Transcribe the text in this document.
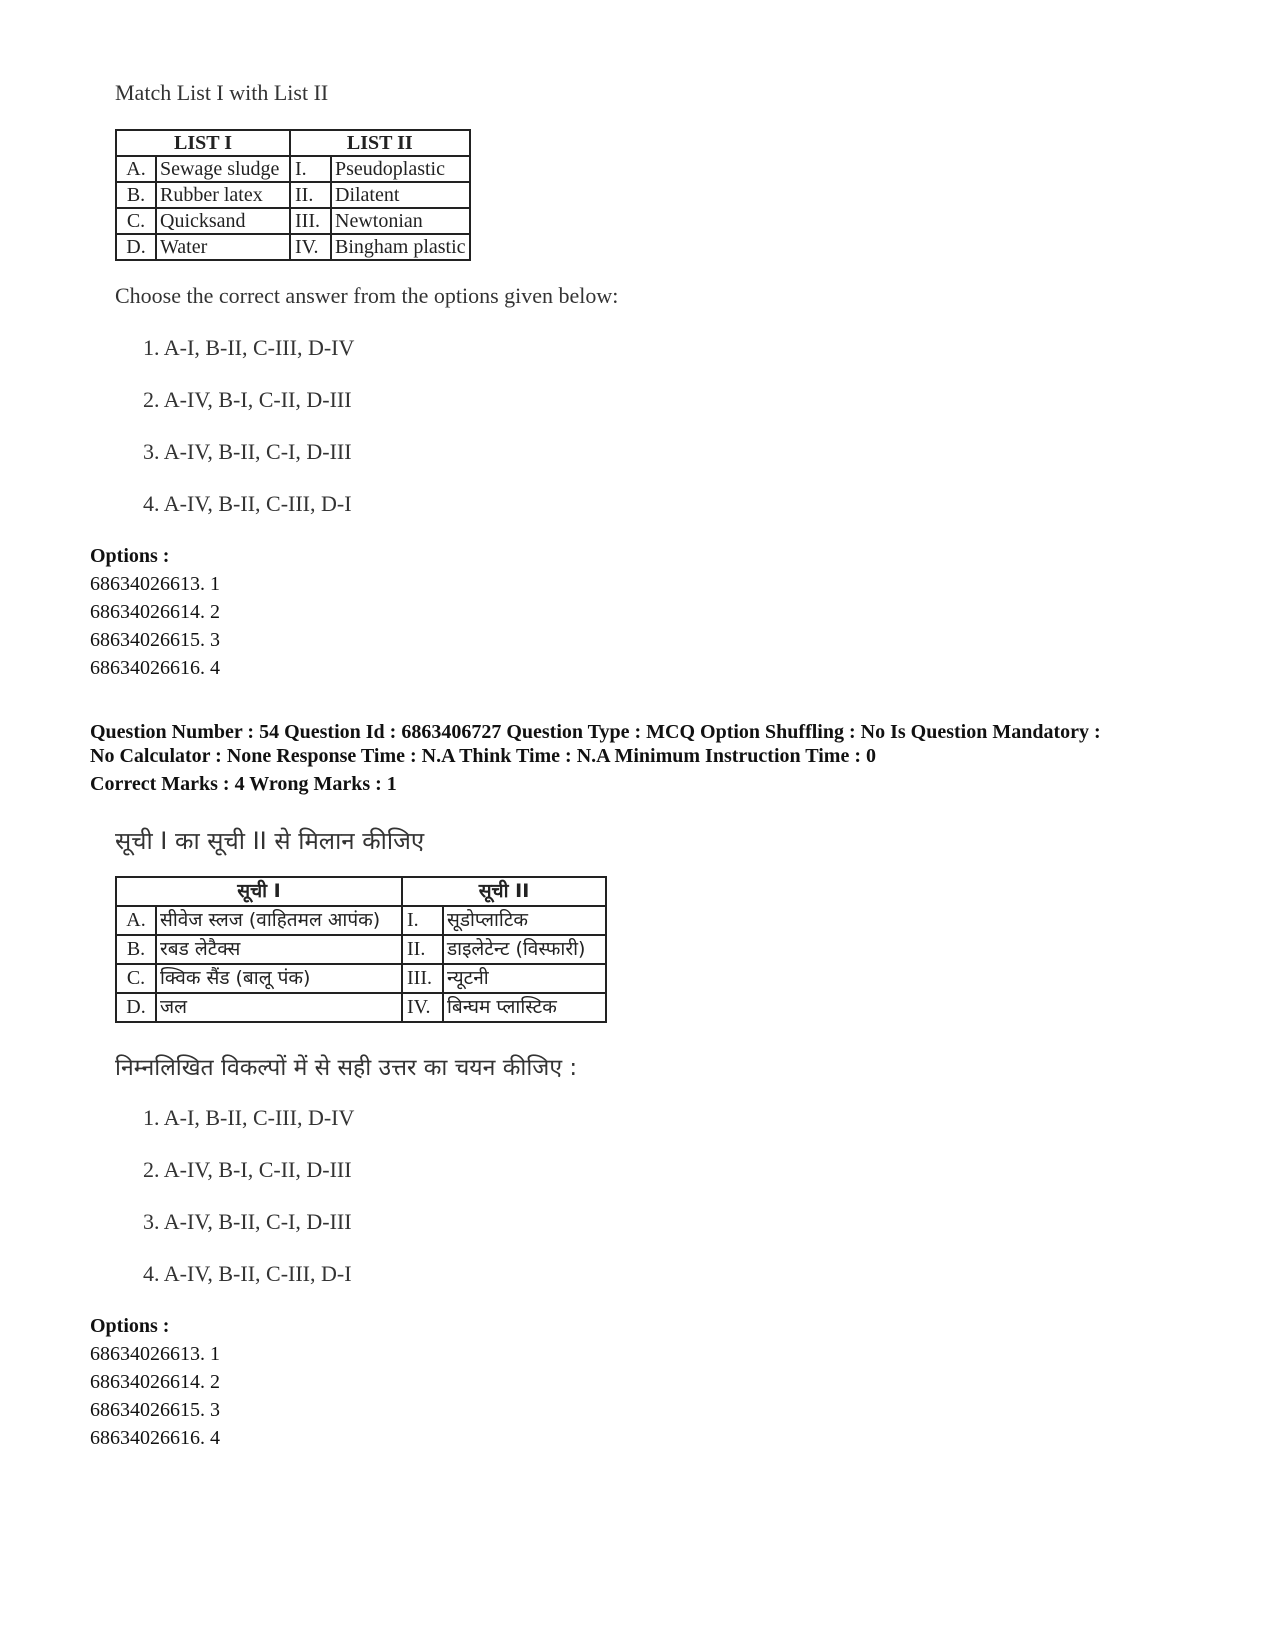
Match List I with List II
LIST I		LIST II	
A.	Sewage sludge	I.	Pseudoplastic
B.	Rubber latex	II.	Dilatent
C.	Quicksand	III.	Newtonian
D.	Water	IV.	Bingham plastic
Choose the correct answer from the options given below:
1. A-I, B-II, C-III, D-IV
2. A-IV, B-I, C-II, D-III
3. A-IV, B-II, C-I, D-III
4. A-IV, B-II, C-III, D-I
Options :
68634026613. 1
68634026614. 2
68634026615. 3
68634026616. 4
Question Number : 54 Question Id : 6863406727 Question Type : MCQ Option Shuffling : No Is Question Mandatory :
No Calculator : None Response Time : N.A Think Time : N.A Minimum Instruction Time : 0
Correct Marks : 4 Wrong Marks : 1
सूची I का सूची II से मिलान कीजिए
सूची I		सूची II	
A.	सीवेज स्लज (वाहितमल आपंक)	I.	सूडोप्लाटिक
B.	रबड लेटैक्स	II.	डाइलेटेन्ट (विस्फारी)
C.	क्विक सैंड (बालू पंक)	III.	न्यूटनी
D.	जल	IV.	बिन्घम प्लास्टिक
निम्नलिखित विकल्पों में से सही उत्तर का चयन कीजिए :
1. A-I, B-II, C-III, D-IV
2. A-IV, B-I, C-II, D-III
3. A-IV, B-II, C-I, D-III
4. A-IV, B-II, C-III, D-I
Options :
68634026613. 1
68634026614. 2
68634026615. 3
68634026616. 4
